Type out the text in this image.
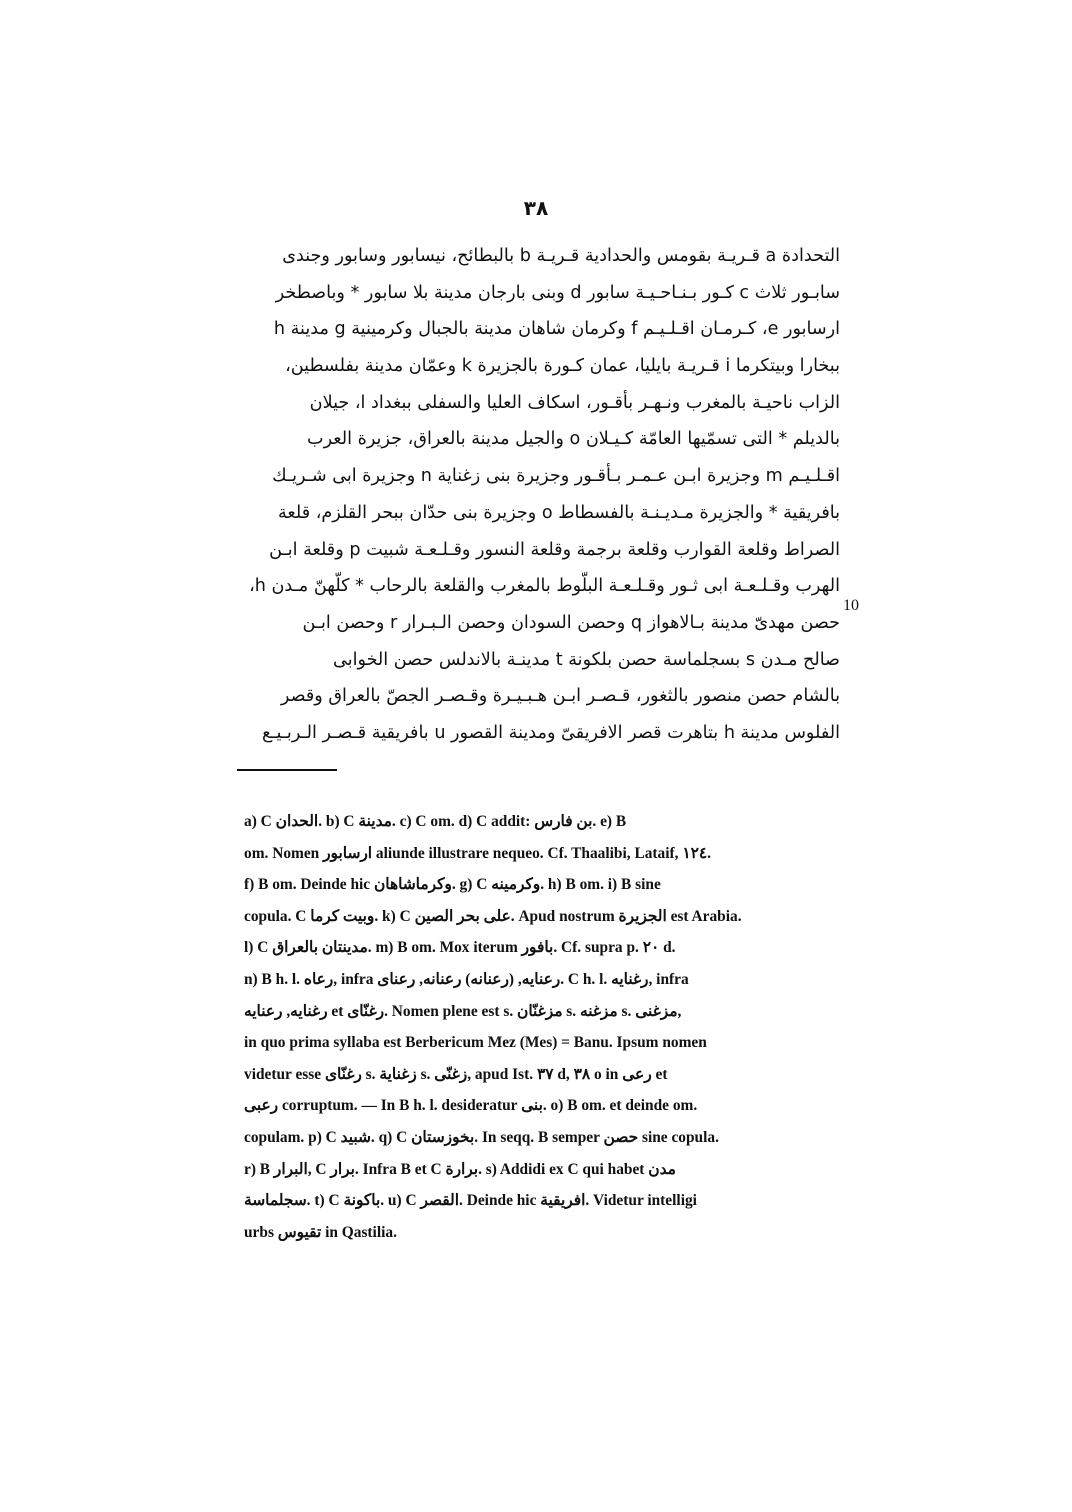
٣٨
التحدادة a قـريـة بقومس والحدادية قـريـة b بالبطائح، نيسابور وسابور وجندى
سابـور ثلاث c كـور بـنـاحـيـة سابور d وبنى بارجان مدينة بلا سابور * وباصطخر
ارسابور e، كـرمـان اقـلـيـم f وكرمان شاهان مدينة بالجبال وكرمينية g مدينة h
ببخارا وبيتكرما i قـريـة بايليا، عمان كـورة بالجزيرة k وعمّان مدينة بفلسطين،
الزاب ناحيـة بالمغرب ونـهـر بأقـور، اسكاف العليا والسفلى ببغداد l، جيلان
بالديلم * التى تسمّيها العامّة كـيـلان o والجيل مدينة بالعراق، جزيرة العرب
اقـلـيـم m وجزيرة ابـن عـمـر بـأقـور وجزيرة بنى زغناية n وجزيرة ابى شـريـك
بافريقية * والجزيرة مـديـنـة بالفسطاط o وجزيرة بنى حدّان ببحر القلزم، قلعة
الصراط وقلعة القوارب وقلعة برجمة وقلعة النسور وقـلـعـة شبيت p وقلعة ابـن
الهرب وقـلـعـة ابى ثـور وقـلـعـة البلّوط بالمغرب والقلعة بالرحاب * كلّهنّ مـدن h،
حصن مهدىّ مدينة بـالاهواز q وحصن السودان وحصن الـبـرار r وحصن ابـن
صالح مـدن s بسجلماسة حصن بلكونة t مدينـة بالاندلس حصن الخوابى
بالشام حصن منصور بالثغور، قـصـر ابـن هـبـيـرة وقـصـر الجصّ بالعراق وقصر
الفلوس مدينة h بتاهرت قصر الافريقىّ ومدينة القصور u بافريقية قـصـر الـربـيـع
10
a) C الحدان. b) C مدينة. c) C om. d) C addit: بن فارس. e) B
om. Nomen ارسابور aliunde illustrare nequeo. Cf. Thaalibi, Lataif, ١٢٤.
f) B om. Deinde hic وكرماشاهان. g) C وكرمينه. h) B om. i) B sine
copula. C وبيت كرما. k) C على بحر الصين. Apud nostrum الجزيرة est Arabia.
l) C مدينتان بالعراق. m) B om. Mox iterum بافور. Cf. supra p. ٢٠ d.
n) B h. l. رعاه, infra رعنايه, (رعنانه) رعنانه, رعناى. C h. l. رغنايه, infra
رغنايه, رعنايه et رغنّاى. Nomen plene est s. مزغنّان s. مزغنه s. مزغنى,
in quo prima syllaba est Berbericum Mez (Mes) = Banu. Ipsum nomen
videtur esse رغنّاى s. زغناية s. زغنّى, apud Ist. ٣٧ d, ٣٨ o in رعى et
رعبى corruptum. — In B h. l. desideratur بنى. o) B om. et deinde om.
copulam. p) C شبيد. q) C بخوزستان. In seqq. B semper حصن sine copula.
r) B البرار, C برار. Infra B et C برارة. s) Addidi ex C qui habet مدن
سجلماسة. t) C باكونة. u) C القصر. Deinde hic افريقية. Videtur intelligi
urbs تقيوس in Qastilia.
